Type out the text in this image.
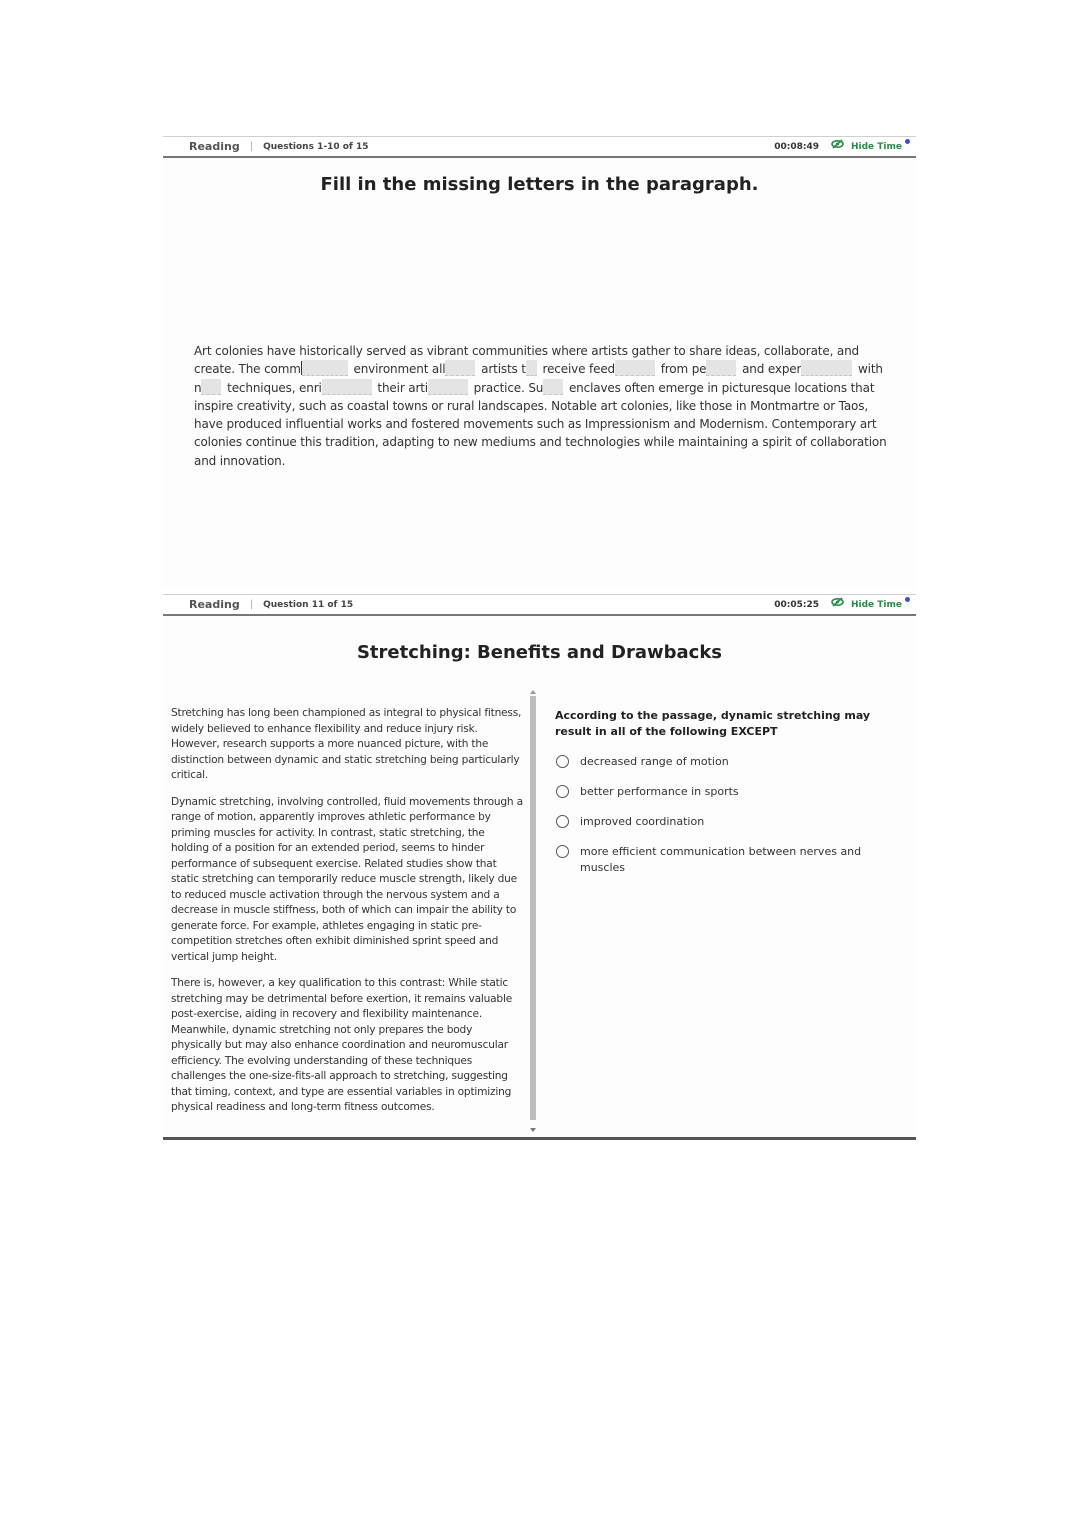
Reading | Questions 1-10 of 15	00:08:49	Hide Time
Fill in the missing letters in the paragraph.
Art colonies have historically served as vibrant communities where artists gather to share ideas, collaborate, and create. The comm	environment all	artists t receive feed	from pe	and exper	with n techniques, enri	their arti	practice. Su enclaves often emerge in picturesque locations that inspire creativity, such as coastal towns or rural landscapes. Notable art colonies, like those in Montmartre or Taos, have produced influential works and fostered movements such as Impressionism and Modernism. Contemporary art colonies continue this tradition, adapting to new mediums and technologies while maintaining a spirit of collaboration and innovation.
Reading | Question 11 of 15	00:05:25	Hide Time
Stretching: Benefits and Drawbacks

Stretching has long been championed as integral to physical fitness, widely believed to enhance flexibility and reduce injury risk. However, research supports a more nuanced picture, with the distinction between dynamic and static stretching being particularly critical.

Dynamic stretching, involving controlled, fluid movements through a range of motion, apparently improves athletic performance by priming muscles for activity. In contrast, static stretching, the holding of a position for an extended period, seems to hinder performance of subsequent exercise. Related studies show that static stretching can temporarily reduce muscle strength, likely due to reduced muscle activation through the nervous system and a decrease in muscle stiffness, both of which can impair the ability to generate force. For example, athletes engaging in static pre-competition stretches often exhibit diminished sprint speed and vertical jump height.

There is, however, a key qualification to this contrast: While static stretching may be detrimental before exertion, it remains valuable post-exercise, aiding in recovery and flexibility maintenance. Meanwhile, dynamic stretching not only prepares the body physically but may also enhance coordination and neuromuscular efficiency. The evolving understanding of these techniques challenges the one-size-fits-all approach to stretching, suggesting that timing, context, and type are essential variables in optimizing physical readiness and long-term fitness outcomes.

According to the passage, dynamic stretching may result in all of the following EXCEPT
decreased range of motion
better performance in sports
improved coordination
more efficient communication between nerves and muscles
